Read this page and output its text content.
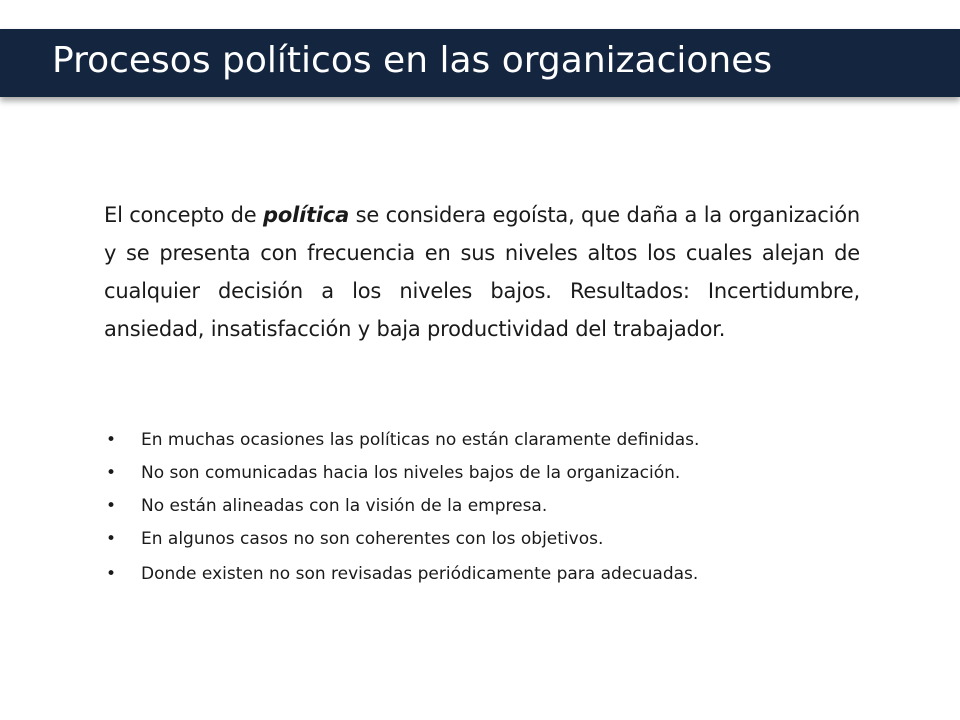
Procesos políticos en las organizaciones

El concepto de política se considera egoísta, que daña a la organización y se presenta con frecuencia en sus niveles altos los cuales alejan de cualquier decisión a los niveles bajos. Resultados: Incertidumbre, ansiedad, insatisfacción y baja productividad del trabajador.

• En muchas ocasiones las políticas no están claramente definidas.
• No son comunicadas hacia los niveles bajos de la organización.
• No están alineadas con la visión de la empresa.
• En algunos casos no son coherentes con los objetivos.
• Donde existen no son revisadas periódicamente para adecuadas.
